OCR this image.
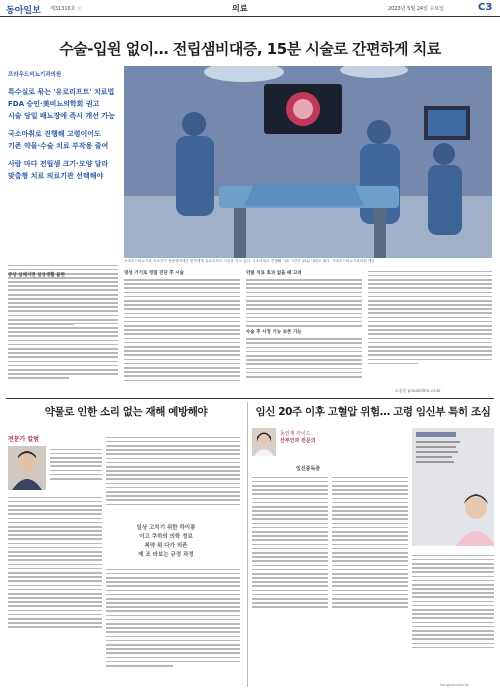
동아일보 제31316호 ⓒ	의료	2023년 5월 24일 수요일	C3
수술-입원 없이… 전립샘비대증, 15분 시술로 간편하게 치료
프라우드비뇨기과의원
특수실로 묶는 '유로리프트' 치료법
FDA 승인·美비뇨의학회 권고
시술 당일 배뇨장애 즉시 개선 가능
국소마취로 진행해 고령이어도
기존 약물·수술 치료 부작용 줄여
사람 마다 전립샘 크기·모양 달라
맞춤형 치료 의료기관 선택해야
프라우드비뇨기과 의료진이 전립샘비대증 환자에게 유로리프트 시술을 하고 있다. 국소마취로 진행돼 시술 시간은 15분 내외로 짧다. 프라우드비뇨기과의원 제공
증상 심해지면 일상생활 불편	영상 기기로 정밀 진단 후 시술	약물 치료 효과 없을 때 고려
수술 후 사정 기능 보존 가능
도움말 proudclinic.co.kr
약물로 인한 소리 없는 재해 예방해야
전문가 칼럼
일상 고치기 위한 하이퐁
이고 쿠하의 의학 정보
복약 뭐 다가 의존
예 조 라보는 규정 과정
임신 20주 이후 고혈압 위험… 고령 임신부 특히 조심
동인재 가이드
산부인과 전문의
임신중독증
hongyouclinic.kr
